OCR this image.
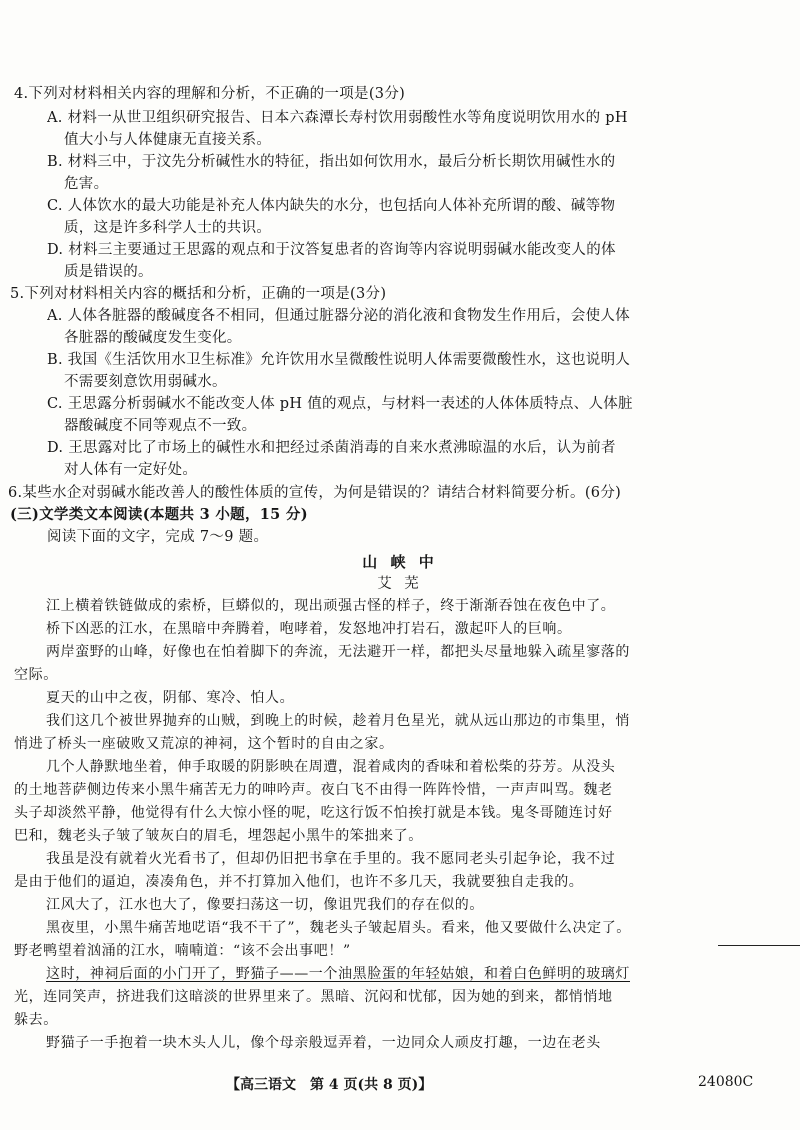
4.下列对材料相关内容的理解和分析，不正确的一项是(3分)

A. 材料一从世卫组织研究报告、日本六森潭长寿村饮用弱酸性水等角度说明饮用水的 pH

值大小与人体健康无直接关系。

B. 材料三中，于汶先分析碱性水的特征，指出如何饮用水，最后分析长期饮用碱性水的

危害。

C. 人体饮水的最大功能是补充人体内缺失的水分，也包括向人体补充所谓的酸、碱等物

质，这是许多科学人士的共识。

D. 材料三主要通过王思露的观点和于汶答复患者的咨询等内容说明弱碱水能改变人的体

质是错误的。

5.下列对材料相关内容的概括和分析，正确的一项是(3分)

A. 人体各脏器的酸碱度各不相同，但通过脏器分泌的消化液和食物发生作用后，会使人体

各脏器的酸碱度发生变化。

B. 我国《生活饮用水卫生标准》允许饮用水呈微酸性说明人体需要微酸性水，这也说明人

不需要刻意饮用弱碱水。

C. 王思露分析弱碱水不能改变人体 pH 值的观点，与材料一表述的人体体质特点、人体脏

器酸碱度不同等观点不一致。

D. 王思露对比了市场上的碱性水和把经过杀菌消毒的自来水煮沸晾温的水后，认为前者

对人体有一定好处。

6.某些水企对弱碱水能改善人的酸性体质的宣传，为何是错误的？请结合材料简要分析。(6分)

(三)文学类文本阅读(本题共 3 小题，15 分)

阅读下面的文字，完成 7～9 题。

山 峡 中

艾 芜

江上横着铁链做成的索桥，巨蟒似的，现出顽强古怪的样子，终于渐渐吞蚀在夜色中了。

桥下凶恶的江水，在黑暗中奔腾着，咆哮着，发怒地冲打岩石，激起吓人的巨响。

两岸蛮野的山峰，好像也在怕着脚下的奔流，无法避开一样，都把头尽量地躲入疏星寥落的

空际。

夏天的山中之夜，阴郁、寒冷、怕人。

我们这几个被世界抛弃的山贼，到晚上的时候，趁着月色星光，就从远山那边的市集里，悄

悄进了桥头一座破败又荒凉的神祠，这个暂时的自由之家。

几个人静默地坐着，伸手取暖的阴影映在周遭，混着咸肉的香味和着松柴的芬芳。从没头

的土地菩萨侧边传来小黑牛痛苦无力的呻吟声。夜白飞不由得一阵阵怜惜，一声声叫骂。魏老

头子却淡然平静，他觉得有什么大惊小怪的呢，吃这行饭不怕挨打就是本钱。鬼冬哥随连讨好

巴和，魏老头子皱了皱灰白的眉毛，埋怨起小黑牛的笨拙来了。

我虽是没有就着火光看书了，但却仍旧把书拿在手里的。我不愿同老头引起争论，我不过

是由于他们的逼迫，凑凑角色，并不打算加入他们，也许不多几天，我就要独自走我的。

江风大了，江水也大了，像要扫荡这一切，像诅咒我们的存在似的。

黑夜里，小黑牛痛苦地呓语“我不干了”，魏老头子皱起眉头。看来，他又要做什么决定了。

野老鸭望着汹涌的江水，喃喃道：“该不会出事吧！”

这时，神祠后面的小门开了，野猫子——一个油黑脸蛋的年轻姑娘，和着白色鲜明的玻璃灯

光，连同笑声，挤进我们这暗淡的世界里来了。黑暗、沉闷和忧郁，因为她的到来，都悄悄地

躲去。

野猫子一手抱着一块木头人儿，像个母亲般逗弄着，一边同众人顽皮打趣，一边在老头

【高三语文　第 4 页(共 8 页)】	24080C
